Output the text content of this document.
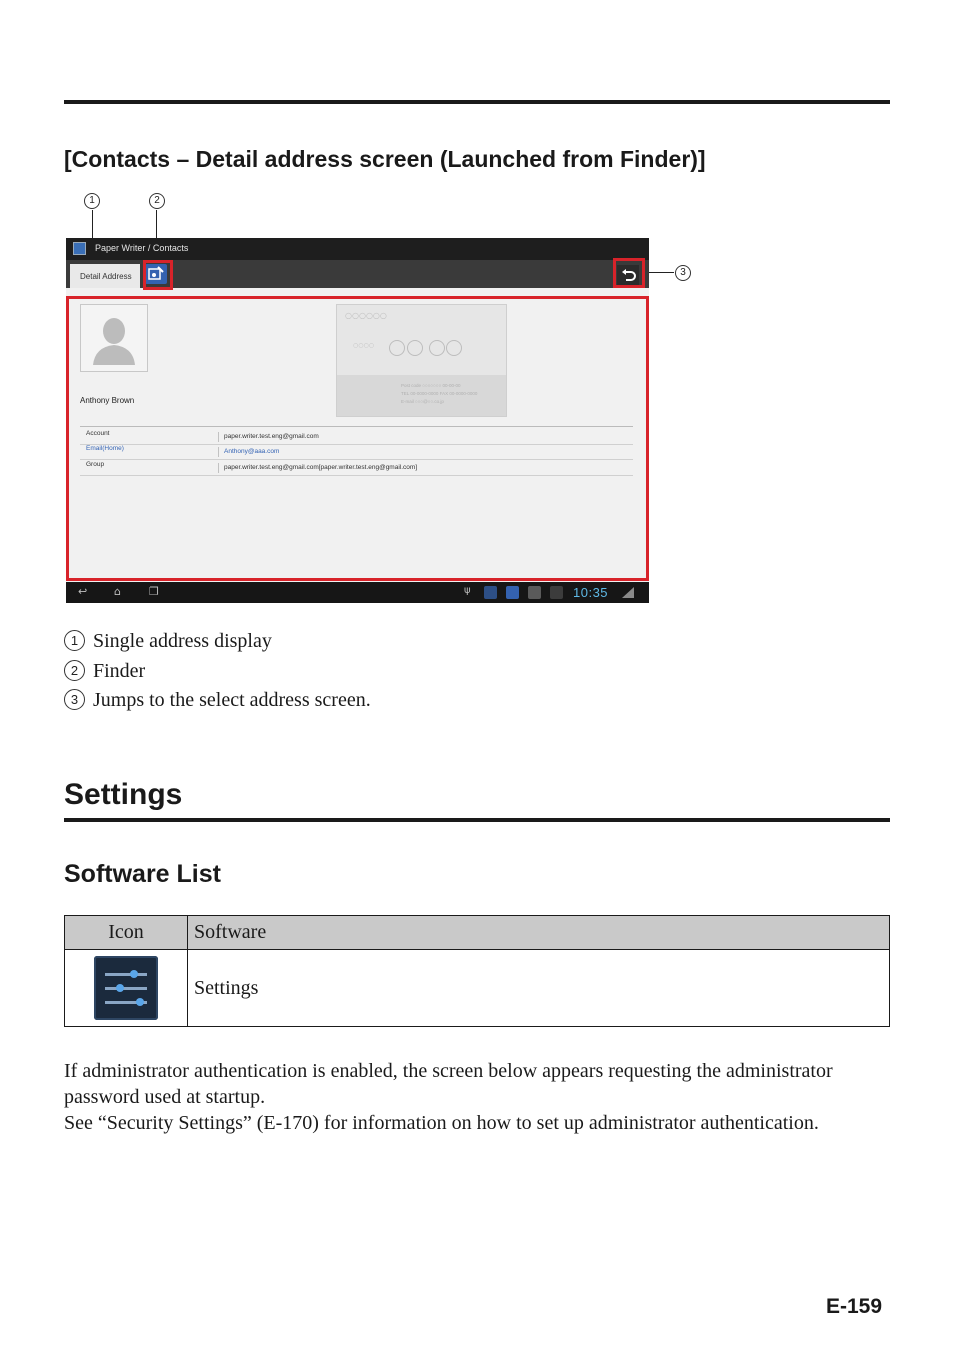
[Contacts – Detail address screen (Launched from Finder)]
1	2
3
Paper Writer / Contacts
Detail Address
Anthony Brown
○○○○○○
○○○○
Post code ○○○○○○○ 00-00-00
TEL 00-0000-0000 FAX 00-0000-0000
E-mail ○○○@○○.co.jp
Account	paper.writer.test.eng@gmail.com
Email(Home)	Anthony@aaa.com
Group	paper.writer.test.eng@gmail.com[paper.writer.test.eng@gmail.com]
↩ ⌂	❐	ψ	10:35
1 Single address display
2 Finder
3 Jumps to the select address screen.
Settings
Software List
Icon	Software

	Settings

If administrator authentication is enabled, the screen below appears requesting the administrator password used at startup.

See “Security Settings” (E-170) for information on how to set up administrator authentication.

E-159
